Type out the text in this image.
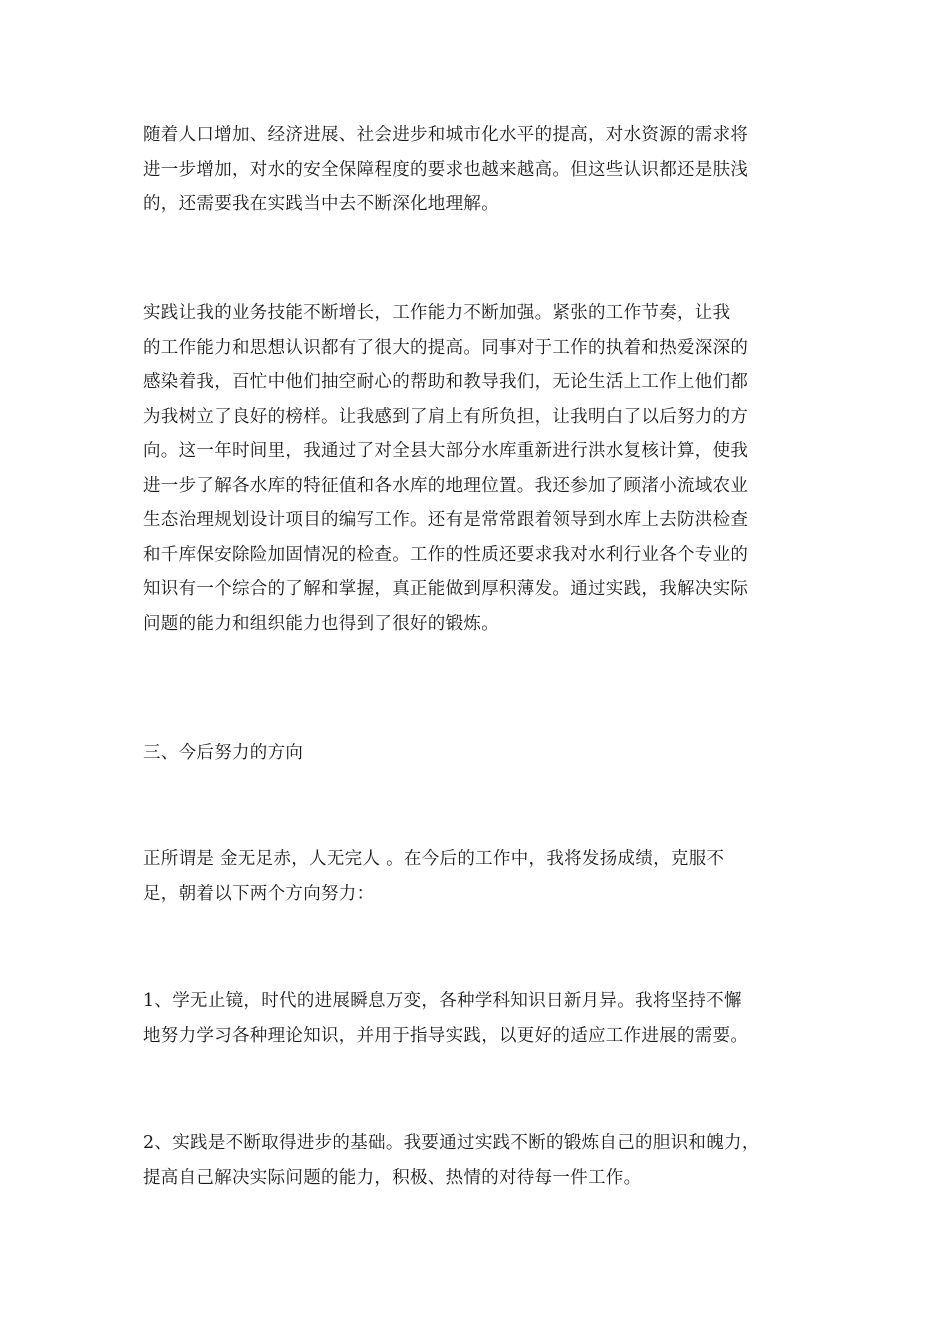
随着人口增加、经济进展、社会进步和城市化水平的提高，对水资源的需求将
进一步增加，对水的安全保障程度的要求也越来越高。但这些认识都还是肤浅
的，还需要我在实践当中去不断深化地理解。
实践让我的业务技能不断增长，工作能力不断加强。紧张的工作节奏，让我
的工作能力和思想认识都有了很大的提高。同事对于工作的执着和热爱深深的
感染着我，百忙中他们抽空耐心的帮助和教导我们，无论生活上工作上他们都
为我树立了良好的榜样。让我感到了肩上有所负担，让我明白了以后努力的方
向。这一年时间里，我通过了对全县大部分水库重新进行洪水复核计算，使我
进一步了解各水库的特征值和各水库的地理位置。我还参加了顾渚小流域农业
生态治理规划设计项目的编写工作。还有是常常跟着领导到水库上去防洪检查
和千库保安除险加固情况的检查。工作的性质还要求我对水利行业各个专业的
知识有一个综合的了解和掌握，真正能做到厚积薄发。通过实践，我解决实际
问题的能力和组织能力也得到了很好的锻炼。
三、今后努力的方向
正所谓是 金无足赤，人无完人 。在今后的工作中，我将发扬成绩，克服不
足，朝着以下两个方向努力：
1、学无止镜，时代的进展瞬息万变，各种学科知识日新月异。我将坚持不懈
地努力学习各种理论知识，并用于指导实践，以更好的适应工作进展的需要。
2、实践是不断取得进步的基础。我要通过实践不断的锻炼自己的胆识和魄力，
提高自己解决实际问题的能力，积极、热情的对待每一件工作。
